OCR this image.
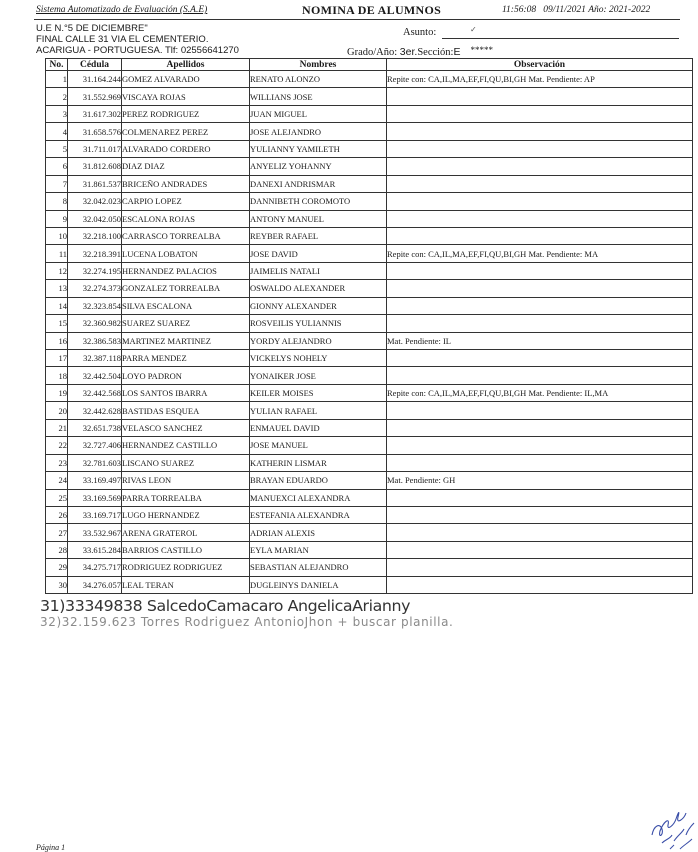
Sistema Automatizado de Evaluación (S.A.E)	NOMINA DE ALUMNOS	11:56:08 09/11/2021 Año: 2021-2022
U.E N.°5 DE DICIEMBRE"
FINAL CALLE 31 VIA EL CEMENTERIO.
ACARIGUA - PORTUGUESA. Tlf: 02556641270
Asunto:	✓
Grado/Año: 3er.Sección:E *****
No.	Cédula	Apellidos	Nombres	Observación
1	31.164.244	GOMEZ ALVARADO	RENATO ALONZO	Repite con: CA,IL,MA,EF,FI,QU,BI,GH Mat. Pendiente: AP
2	31.552.969	VISCAYA ROJAS	WILLIANS JOSE	
3	31.617.302	PEREZ RODRIGUEZ	JUAN MIGUEL	
4	31.658.576	COLMENAREZ PEREZ	JOSE ALEJANDRO	
5	31.711.017	ALVARADO CORDERO	YULIANNY YAMILETH	
6	31.812.608	DIAZ DIAZ	ANYELIZ YOHANNY	
7	31.861.537	BRICEÑO ANDRADES	DANEXI ANDRISMAR	
8	32.042.023	CARPIO LOPEZ	DANNIBETH COROMOTO	
9	32.042.050	ESCALONA ROJAS	ANTONY MANUEL	
10	32.218.100	CARRASCO TORREALBA	REYBER RAFAEL	
11	32.218.391	LUCENA LOBATON	JOSE DAVID	Repite con: CA,IL,MA,EF,FI,QU,BI,GH Mat. Pendiente: MA
12	32.274.195	HERNANDEZ PALACIOS	JAIMELIS NATALI	
13	32.274.373	GONZALEZ TORREALBA	OSWALDO ALEXANDER	
14	32.323.854	SILVA ESCALONA	GIONNY ALEXANDER	
15	32.360.982	SUAREZ SUAREZ	ROSVEILIS YULIANNIS	
16	32.386.583	MARTINEZ MARTINEZ	YORDY ALEJANDRO	Mat. Pendiente: IL
17	32.387.118	PARRA MENDEZ	VICKELYS NOHELY	
18	32.442.504	LOYO PADRON	YONAIKER JOSE	
19	32.442.568	LOS SANTOS IBARRA	KEILER MOISES	Repite con: CA,IL,MA,EF,FI,QU,BI,GH Mat. Pendiente: IL,MA
20	32.442.628	BASTIDAS ESQUEA	YULIAN RAFAEL	
21	32.651.738	VELASCO SANCHEZ	ENMAUEL DAVID	
22	32.727.406	HERNANDEZ CASTILLO	JOSE MANUEL	
23	32.781.603	LISCANO SUAREZ	KATHERIN LISMAR	
24	33.169.497	RIVAS LEON	BRAYAN EDUARDO	Mat. Pendiente: GH
25	33.169.569	PARRA TORREALBA	MANUEXCI ALEXANDRA	
26	33.169.717	LUGO HERNANDEZ	ESTEFANIA ALEXANDRA	
27	33.532.967	ARENA GRATEROL	ADRIAN ALEXIS	
28	33.615.284	BARRIOS CASTILLO	EYLA MARIAN	
29	34.275.717	RODRIGUEZ RODRIGUEZ	SEBASTIAN ALEJANDRO	
30	34.276.057	LEAL TERAN	DUGLEINYS DANIELA	
31)33349838 SalcedoCamacaro AngelicaArianny
32)32.159.623 Torres Rodriguez AntonioJhon + buscar planilla.
Página 1
